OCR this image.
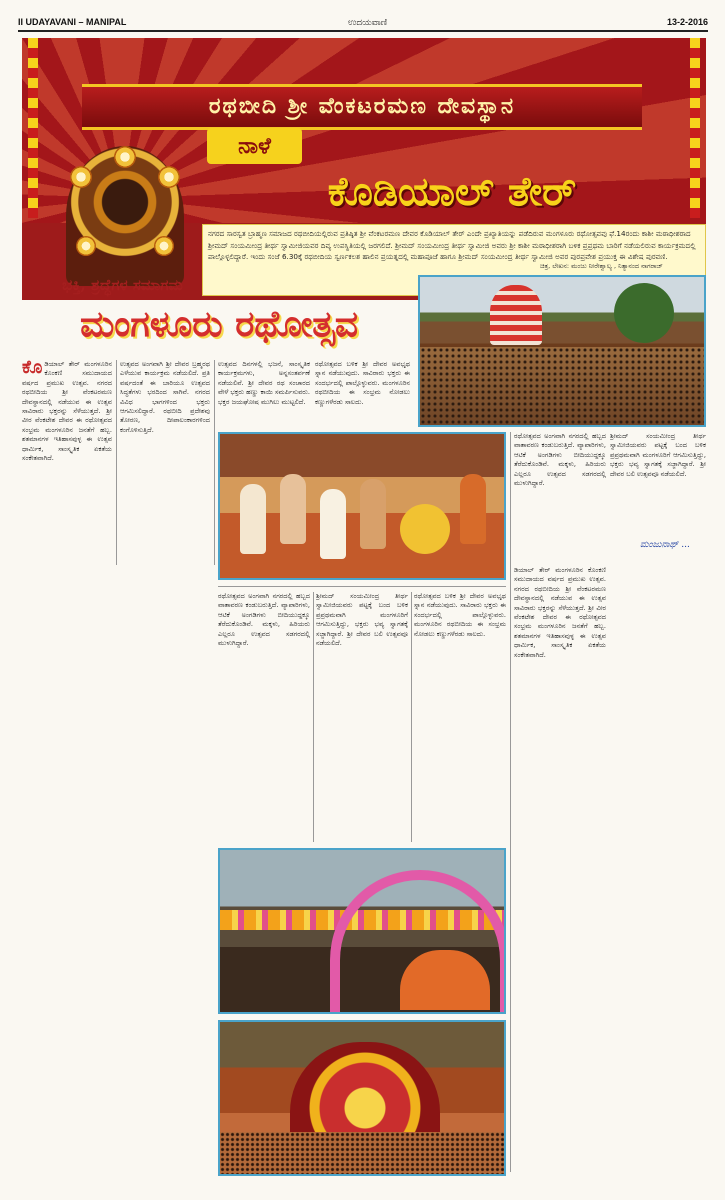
II UDAYAVANI – MANIPAL	ಉದಯವಾಣಿ	13-2-2016
ರಥಬೀದಿ ಶ್ರೀ ವೆಂಕಟರಮಣ ದೇವಸ್ಥಾನ
ನಾಳೆ
ಕೊಡಿಯಾಲ್ ತೇರ್
ನಗರದ ಸಾರಸ್ವತ ಬ್ರಾಹ್ಮಣ ಸಮಾಜದ ರಥಬೀದಿಯಲ್ಲಿರುವ ಪ್ರತಿಷ್ಠಿತ ಶ್ರೀ ವೆಂಕಟರಮಣ ದೇವರ ಕೊಡಿಯಾಲ್ ತೇರ್ ಎಂದೇ ಪ್ರಖ್ಯಾತಿಯನ್ನು ಪಡೆದಿರುವ ಮಂಗಳೂರು ರಥೋತ್ಸವವು ಫೆ.14ರಂದು ಕಾಶೀ ಮಠಾಧೀಶರಾದ ಶ್ರೀಮದ್ ಸಂಯಮೀಂದ್ರ ತೀರ್ಥ ಸ್ವಾಮೀಜಿಯವರ ದಿವ್ಯ ಉಪಸ್ಥಿತಿಯಲ್ಲಿ ಜರಗಲಿದೆ. ಶ್ರೀಮದ್ ಸಂಯಮೀಂದ್ರ ತೀರ್ಥ ಸ್ವಾಮೀಜಿ ಅವರು ಶ್ರೀ ಕಾಶೀ ಮಠಾಧೀಶರಾಗಿ ಬಳಿಕ ಪ್ರಪ್ರಥಮ ಬಾರಿಗೆ ನಡೆಯಲಿರುವ ಕಾರ್ಯಕ್ರಮದಲ್ಲಿ ಪಾಲ್ಗೊಳ್ಳಲಿದ್ದಾರೆ. ಇಂದು ಸಂಜೆ 6.30ಕ್ಕೆ ರಥಬೀದಿಯ ಸ್ವರ್ಣಕಲಶ ಹಾಲಿನ ಪ್ರಯತ್ನದಲ್ಲಿ ಮಹಾಪೂಜೆ ಹಾಗೂ ಶ್ರೀಮದ್ ಸಂಯಮೀಂದ್ರ ತೀರ್ಥ ಸ್ವಾಮೀಜಿ ಅವರ ಪುರಪ್ರವೇಶ ಪ್ರಯುಕ್ತ ಈ ವಿಶೇಷ ಪುರವಣಿ.
ಭಕ್ತಿ, ಶ್ರದ್ಧೆಗಳ ಸಮಾಗಮ
ಮಂಗಳೂರು ರಥೋತ್ಸವ
ಚಿತ್ರ, ಲೇಖನ: ಮಂಜು ನೀರೇಶ್ವಾಲ್ಯ , ನಿತ್ಯಾನಂದ ನಾಗರಾಜ್
ಕೊಡಿಯಾಲ್ ತೇರ್ ಮಂಗಳೂರಿನ ಕೊಂಕಣಿ ಸಮುದಾಯದ ವರ್ಷದ ಪ್ರಮುಖ ಉತ್ಸವ. ನಗರದ ರಥಬೀದಿಯ ಶ್ರೀ ವೆಂಕಟರಮಣ ದೇವಸ್ಥಾನದಲ್ಲಿ ನಡೆಯುವ ಈ ಉತ್ಸವ ಸಾವಿರಾರು ಭಕ್ತರನ್ನು ಸೆಳೆಯುತ್ತದೆ. ಶ್ರೀ ವೀರ ವೆಂಕಟೇಶ ದೇವರ ಈ ರಥೋತ್ಸವದ ಸಂಭ್ರಮ ಮಂಗಳೂರಿನ ಜನತೆಗೆ ಹಬ್ಬ. ಶತಮಾನಗಳ ಇತಿಹಾಸವುಳ್ಳ ಈ ಉತ್ಸವ ಧಾರ್ಮಿಕ, ಸಾಂಸ್ಕೃತಿಕ ಏಕತೆಯ ಸಂಕೇತವಾಗಿದೆ.
ಉತ್ಸವದ ಅಂಗವಾಗಿ ಶ್ರೀ ದೇವರ ಬ್ರಹ್ಮರಥ ಎಳೆಯುವ ಕಾರ್ಯಕ್ರಮ ನಡೆಯಲಿದೆ. ಪ್ರತಿ ವರ್ಷದಂತೆ ಈ ಬಾರಿಯೂ ಉತ್ಸವದ ಸಿದ್ಧತೆಗಳು ಭರದಿಂದ ಸಾಗಿವೆ. ನಗರದ ವಿವಿಧ ಭಾಗಗಳಿಂದ ಭಕ್ತರು ಆಗಮಿಸಲಿದ್ದಾರೆ. ರಥಬೀದಿ ಪ್ರದೇಶವು ತೋರಣ, ದೀಪಾಲಂಕಾರಗಳಿಂದ ಕಂಗೊಳಿಸುತ್ತಿದೆ.
ಉತ್ಸವದ ದಿನಗಳಲ್ಲಿ ಭಜನೆ, ಸಾಂಸ್ಕೃತಿಕ ಕಾರ್ಯಕ್ರಮಗಳು, ಅನ್ನಸಂತರ್ಪಣೆ ನಡೆಯಲಿವೆ. ಶ್ರೀ ದೇವರ ರಥ ಸಂಚಾರದ ವೇಳೆ ಭಕ್ತರು ಹಣ್ಣು ಕಾಯಿ ಸಮರ್ಪಿಸುವರು. ಭಕ್ತರ ಜಯಘೋಷ ಮುಗಿಲು ಮುಟ್ಟಲಿದೆ.
ರಥೋತ್ಸವದ ಬಳಿಕ ಶ್ರೀ ದೇವರ ಅವಭೃಥ ಸ್ನಾನ ನಡೆಯುವುದು. ಸಾವಿರಾರು ಭಕ್ತರು ಈ ಸಂದರ್ಭದಲ್ಲಿ ಪಾಲ್ಗೊಳ್ಳುವರು. ಮಂಗಳೂರಿನ ರಥಬೀದಿಯ ಈ ಸಂಭ್ರಮ ನೋಡಲು ಕಣ್ಣುಗಳೆರಡು ಸಾಲದು.
ರಥೋತ್ಸವದ ಅಂಗವಾಗಿ ನಗರದಲ್ಲಿ ಹಬ್ಬದ ವಾತಾವರಣ ಕಂಡುಬರುತ್ತಿದೆ. ವ್ಯಾಪಾರಿಗಳು, ಆಟಿಕೆ ಅಂಗಡಿಗಳು ಬೀದಿಯುದ್ದಕ್ಕೂ ತೆರೆದುಕೊಂಡಿವೆ. ಮಕ್ಕಳು, ಹಿರಿಯರು ಎಲ್ಲರೂ ಉತ್ಸವದ ಸಡಗರದಲ್ಲಿ ಮುಳುಗಿದ್ದಾರೆ.
ಶ್ರೀಮದ್ ಸಂಯಮೀಂದ್ರ ತೀರ್ಥ ಸ್ವಾಮೀಜಿಯವರು ಪಟ್ಟಕ್ಕೆ ಬಂದ ಬಳಿಕ ಪ್ರಪ್ರಥಮವಾಗಿ ಮಂಗಳೂರಿಗೆ ಆಗಮಿಸುತ್ತಿದ್ದು, ಭಕ್ತರು ಭವ್ಯ ಸ್ವಾಗತಕ್ಕೆ ಸಜ್ಜಾಗಿದ್ದಾರೆ. ಶ್ರೀ ದೇವರ ಬಲಿ ಉತ್ಸವವೂ ನಡೆಯಲಿದೆ.
ರಥೋತ್ಸವದ ಬಳಿಕ ಶ್ರೀ ದೇವರ ಅವಭೃಥ ಸ್ನಾನ ನಡೆಯುವುದು. ಸಾವಿರಾರು ಭಕ್ತರು ಈ ಸಂದರ್ಭದಲ್ಲಿ ಪಾಲ್ಗೊಳ್ಳುವರು. ಮಂಗಳೂರಿನ ರಥಬೀದಿಯ ಈ ಸಂಭ್ರಮ ನೋಡಲು ಕಣ್ಣುಗಳೆರಡು ಸಾಲದು.
ರಥೋತ್ಸವದ ಅಂಗವಾಗಿ ನಗರದಲ್ಲಿ ಹಬ್ಬದ ವಾತಾವರಣ ಕಂಡುಬರುತ್ತಿದೆ. ವ್ಯಾಪಾರಿಗಳು, ಆಟಿಕೆ ಅಂಗಡಿಗಳು ಬೀದಿಯುದ್ದಕ್ಕೂ ತೆರೆದುಕೊಂಡಿವೆ. ಮಕ್ಕಳು, ಹಿರಿಯರು ಎಲ್ಲರೂ ಉತ್ಸವದ ಸಡಗರದಲ್ಲಿ ಮುಳುಗಿದ್ದಾರೆ.
ಶ್ರೀಮದ್ ಸಂಯಮೀಂದ್ರ ತೀರ್ಥ ಸ್ವಾಮೀಜಿಯವರು ಪಟ್ಟಕ್ಕೆ ಬಂದ ಬಳಿಕ ಪ್ರಪ್ರಥಮವಾಗಿ ಮಂಗಳೂರಿಗೆ ಆಗಮಿಸುತ್ತಿದ್ದು, ಭಕ್ತರು ಭವ್ಯ ಸ್ವಾಗತಕ್ಕೆ ಸಜ್ಜಾಗಿದ್ದಾರೆ. ಶ್ರೀ ದೇವರ ಬಲಿ ಉತ್ಸವವೂ ನಡೆಯಲಿದೆ.
ಮಂಜುನಾಥ್ ...
ಡಿಯಾಲ್ ತೇರ್ ಮಂಗಳೂರಿನ ಕೊಂಕಣಿ ಸಮುದಾಯದ ವರ್ಷದ ಪ್ರಮುಖ ಉತ್ಸವ. ನಗರದ ರಥಬೀದಿಯ ಶ್ರೀ ವೆಂಕಟರಮಣ ದೇವಸ್ಥಾನದಲ್ಲಿ ನಡೆಯುವ ಈ ಉತ್ಸವ ಸಾವಿರಾರು ಭಕ್ತರನ್ನು ಸೆಳೆಯುತ್ತದೆ. ಶ್ರೀ ವೀರ ವೆಂಕಟೇಶ ದೇವರ ಈ ರಥೋತ್ಸವದ ಸಂಭ್ರಮ ಮಂಗಳೂರಿನ ಜನತೆಗೆ ಹಬ್ಬ. ಶತಮಾನಗಳ ಇತಿಹಾಸವುಳ್ಳ ಈ ಉತ್ಸವ ಧಾರ್ಮಿಕ, ಸಾಂಸ್ಕೃತಿಕ ಏಕತೆಯ ಸಂಕೇತವಾಗಿದೆ.
